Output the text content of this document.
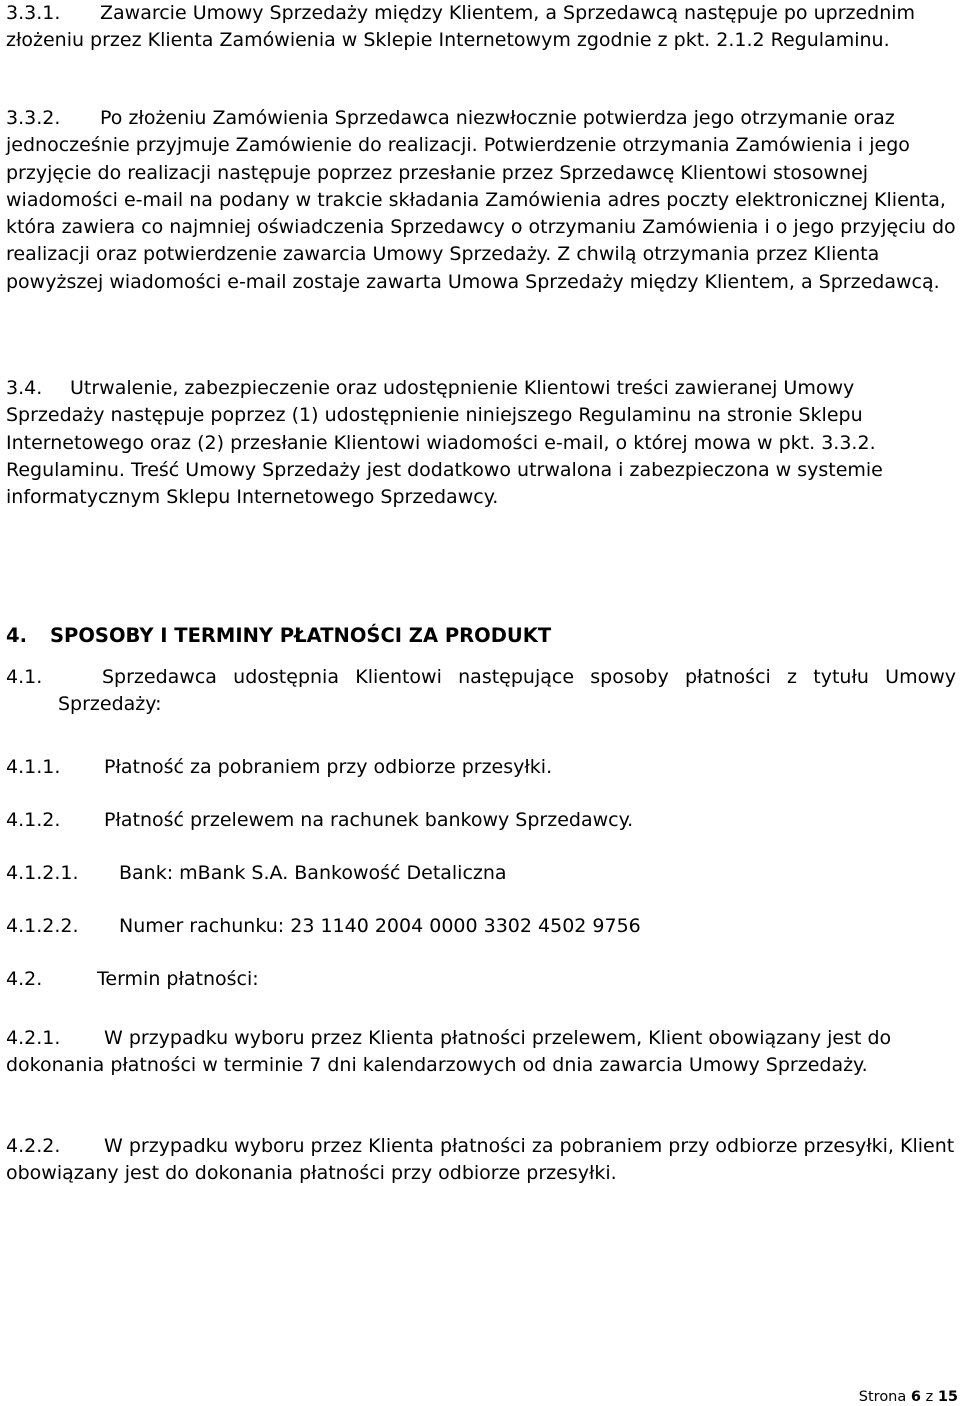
3.3.1. Zawarcie Umowy Sprzedaży między Klientem, a Sprzedawcą następuje po uprzednim złożeniu przez Klienta Zamówienia w Sklepie Internetowym zgodnie z pkt. 2.1.2 Regulaminu.

3.3.2. Po złożeniu Zamówienia Sprzedawca niezwłocznie potwierdza jego otrzymanie oraz jednocześnie przyjmuje Zamówienie do realizacji. Potwierdzenie otrzymania Zamówienia i jego przyjęcie do realizacji następuje poprzez przesłanie przez Sprzedawcę Klientowi stosownej wiadomości e-mail na podany w trakcie składania Zamówienia adres poczty elektronicznej Klienta, która zawiera co najmniej oświadczenia Sprzedawcy o otrzymaniu Zamówienia i o jego przyjęciu do realizacji oraz potwierdzenie zawarcia Umowy Sprzedaży. Z chwilą otrzymania przez Klienta powyższej wiadomości e-mail zostaje zawarta Umowa Sprzedaży między Klientem, a Sprzedawcą.

3.4. Utrwalenie, zabezpieczenie oraz udostępnienie Klientowi treści zawieranej Umowy Sprzedaży następuje poprzez (1) udostępnienie niniejszego Regulaminu na stronie Sklepu Internetowego oraz (2) przesłanie Klientowi wiadomości e-mail, o której mowa w pkt. 3.3.2. Regulaminu. Treść Umowy Sprzedaży jest dodatkowo utrwalona i zabezpieczona w systemie informatycznym Sklepu Internetowego Sprzedawcy.

4. SPOSOBY I TERMINY PŁATNOŚCI ZA PRODUKT
4.1.	Sprzedawca udostępnia Klientowi następujące sposoby płatności z tytułu Umowy Sprzedaży:

4.1.1. Płatność za pobraniem przy odbiorze przesyłki.

4.1.2. Płatność przelewem na rachunek bankowy Sprzedawcy.

4.1.2.1. Bank: mBank S.A. Bankowość Detaliczna

4.1.2.2. Numer rachunku: 23 1140 2004 0000 3302 4502 9756

4.2.	Termin płatności:

4.2.1. W przypadku wyboru przez Klienta płatności przelewem, Klient obowiązany jest do dokonania płatności w terminie 7 dni kalendarzowych od dnia zawarcia Umowy Sprzedaży.

4.2.2. W przypadku wyboru przez Klienta płatności za pobraniem przy odbiorze przesyłki, Klient obowiązany jest do dokonania płatności przy odbiorze przesyłki.

Strona 6 z 15
